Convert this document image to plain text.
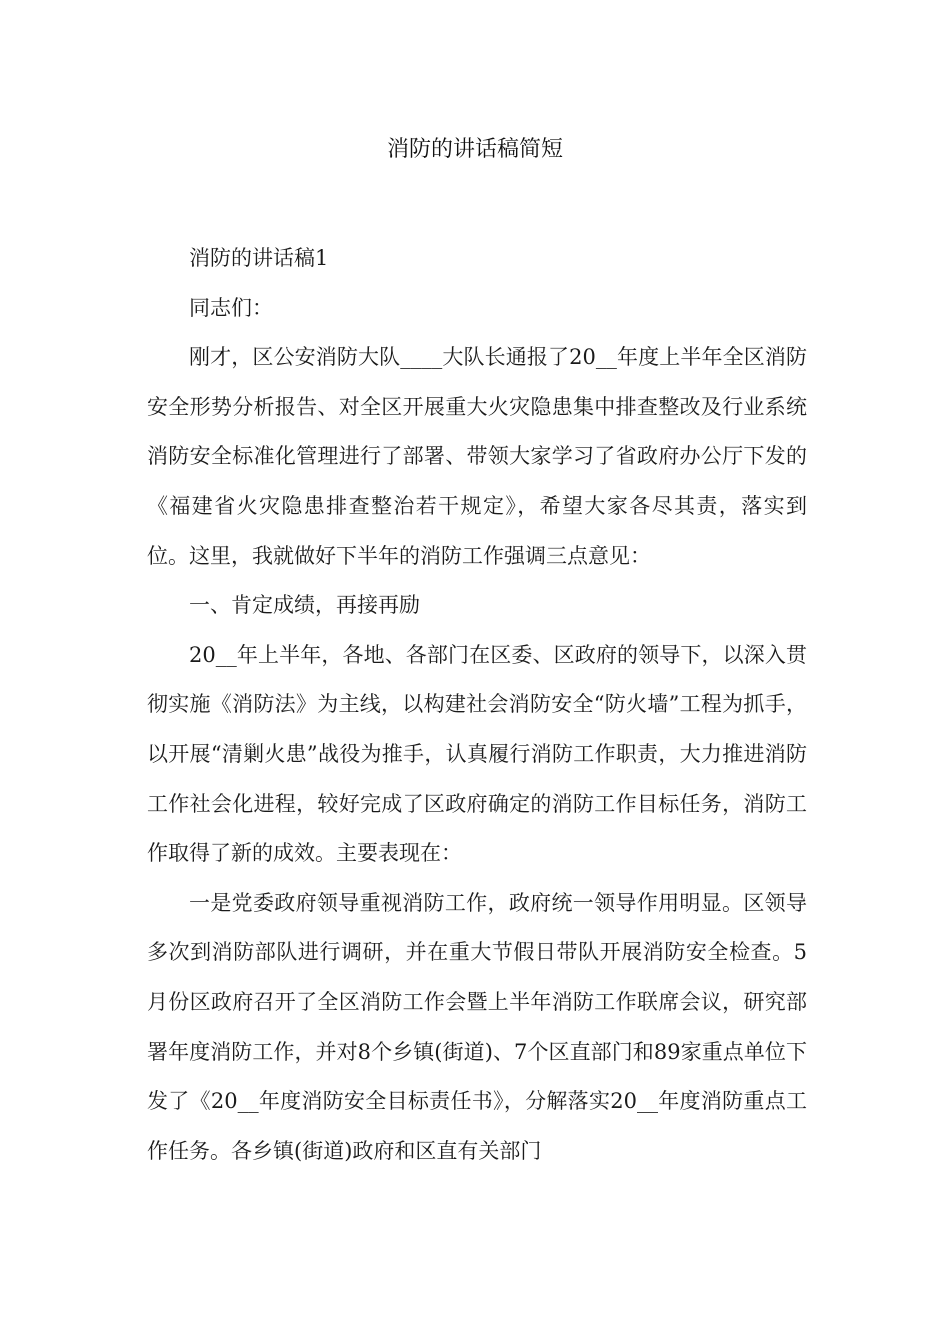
消防的讲话稿简短

消防的讲话稿1

同志们：

刚才，区公安消防大队____大队长通报了20__年度上半年全区消防安全形势分析报告、对全区开展重大火灾隐患集中排查整改及行业系统消防安全标准化管理进行了部署、带领大家学习了省政府办公厅下发的《福建省火灾隐患排查整治若干规定》，希望大家各尽其责，落实到位。这里，我就做好下半年的消防工作强调三点意见：

一、肯定成绩，再接再励

20__年上半年，各地、各部门在区委、区政府的领导下，以深入贯彻实施《消防法》为主线，以构建社会消防安全“防火墙”工程为抓手，以开展“清剿火患”战役为推手，认真履行消防工作职责，大力推进消防工作社会化进程，较好完成了区政府确定的消防工作目标任务，消防工作取得了新的成效。主要表现在：

一是党委政府领导重视消防工作，政府统一领导作用明显。区领导多次到消防部队进行调研，并在重大节假日带队开展消防安全检查。5月份区政府召开了全区消防工作会暨上半年消防工作联席会议，研究部署年度消防工作，并对8个乡镇(街道)、7个区直部门和89家重点单位下发了《20__年度消防安全目标责任书》，分解落实20__年度消防重点工作任务。各乡镇(街道)政府和区直有关部门
